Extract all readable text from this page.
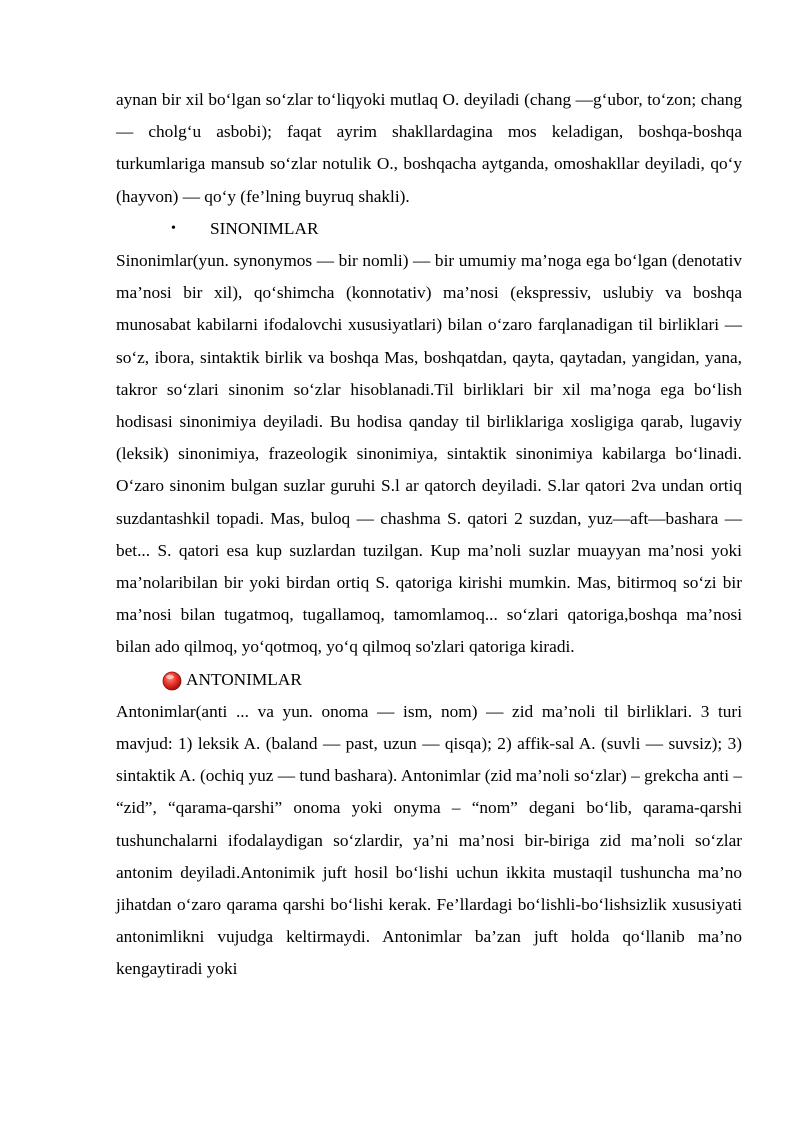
aynan bir xil bo‘lgan so‘zlar to‘liqyoki mutlaq O. deyiladi (chang —g‘ubor, to‘zon; chang — cholg‘u asbobi); faqat ayrim shakllardagina mos keladigan, boshqa-boshqa turkumlariga mansub so‘zlar notulik O., boshqacha aytganda, omoshakllar deyiladi, qo‘y (hayvon) — qo‘y (fe’lning buyruq shakli).

• SINONIMLAR

Sinonimlar(yun. synonymos — bir nomli) — bir umumiy ma’noga ega bo‘lgan (denotativ ma’nosi bir xil), qo‘shimcha (konnotativ) ma’nosi (ekspressiv, uslubiy va boshqa munosabat kabilarni ifodalovchi xususiyatlari) bilan o‘zaro farqlanadigan til birliklari — so‘z, ibora, sintaktik birlik va boshqa Mas, boshqatdan, qayta, qaytadan, yangidan, yana, takror so‘zlari sinonim so‘zlar hisoblanadi.Til birliklari bir xil ma’noga ega bo‘lish hodisasi sinonimiya deyiladi. Bu hodisa qanday til birliklariga xosligiga qarab, lugaviy (leksik) sinonimiya, frazeologik sinonimiya, sintaktik sinonimiya kabilarga bo‘linadi. O‘zaro sinonim bulgan suzlar guruhi S.l ar qatorch deyiladi. S.lar qatori 2va undan ortiq suzdantashkil topadi. Mas, buloq — chashma S. qatori 2 suzdan, yuz—aft—bashara — bet... S. qatori esa kup suzlardan tuzilgan. Kup ma’noli suzlar muayyan ma’nosi yoki ma’nolaribilan bir yoki birdan ortiq S. qatoriga kirishi mumkin. Mas, bitirmoq so‘zi bir ma’nosi bilan tugatmoq, tugallamoq, tamomlamoq... so‘zlari qatoriga,boshqa ma’nosi bilan ado qilmoq, yo‘qotmoq, yo‘q qilmoq so'zlari qatoriga kiradi.

ANTONIMLAR

Antonimlar(anti ... va yun. onoma — ism, nom) — zid ma’noli til birliklari. 3 turi mavjud: 1) leksik A. (baland — past, uzun — qisqa); 2) affik-sal A. (suvli — suvsiz); 3) sintaktik A. (ochiq yuz — tund bashara). Antonimlar (zid ma’noli so‘zlar) – grekcha anti – “zid”, “qarama-qarshi” onoma yoki onyma – “nom” degani bo‘lib, qarama-qarshi tushunchalarni ifodalaydigan so‘zlardir, ya’ni ma’nosi bir-biriga zid ma’noli so‘zlar antonim deyiladi.Antonimik juft hosil bo‘lishi uchun ikkita mustaqil tushuncha ma’no jihatdan o‘zaro qarama qarshi bo‘lishi kerak. Fe’llardagi bo‘lishli-bo‘lishsizlik xususiyati antonimlikni vujudga keltirmaydi. Antonimlar ba’zan juft holda qo‘llanib ma’no kengaytiradi yoki
